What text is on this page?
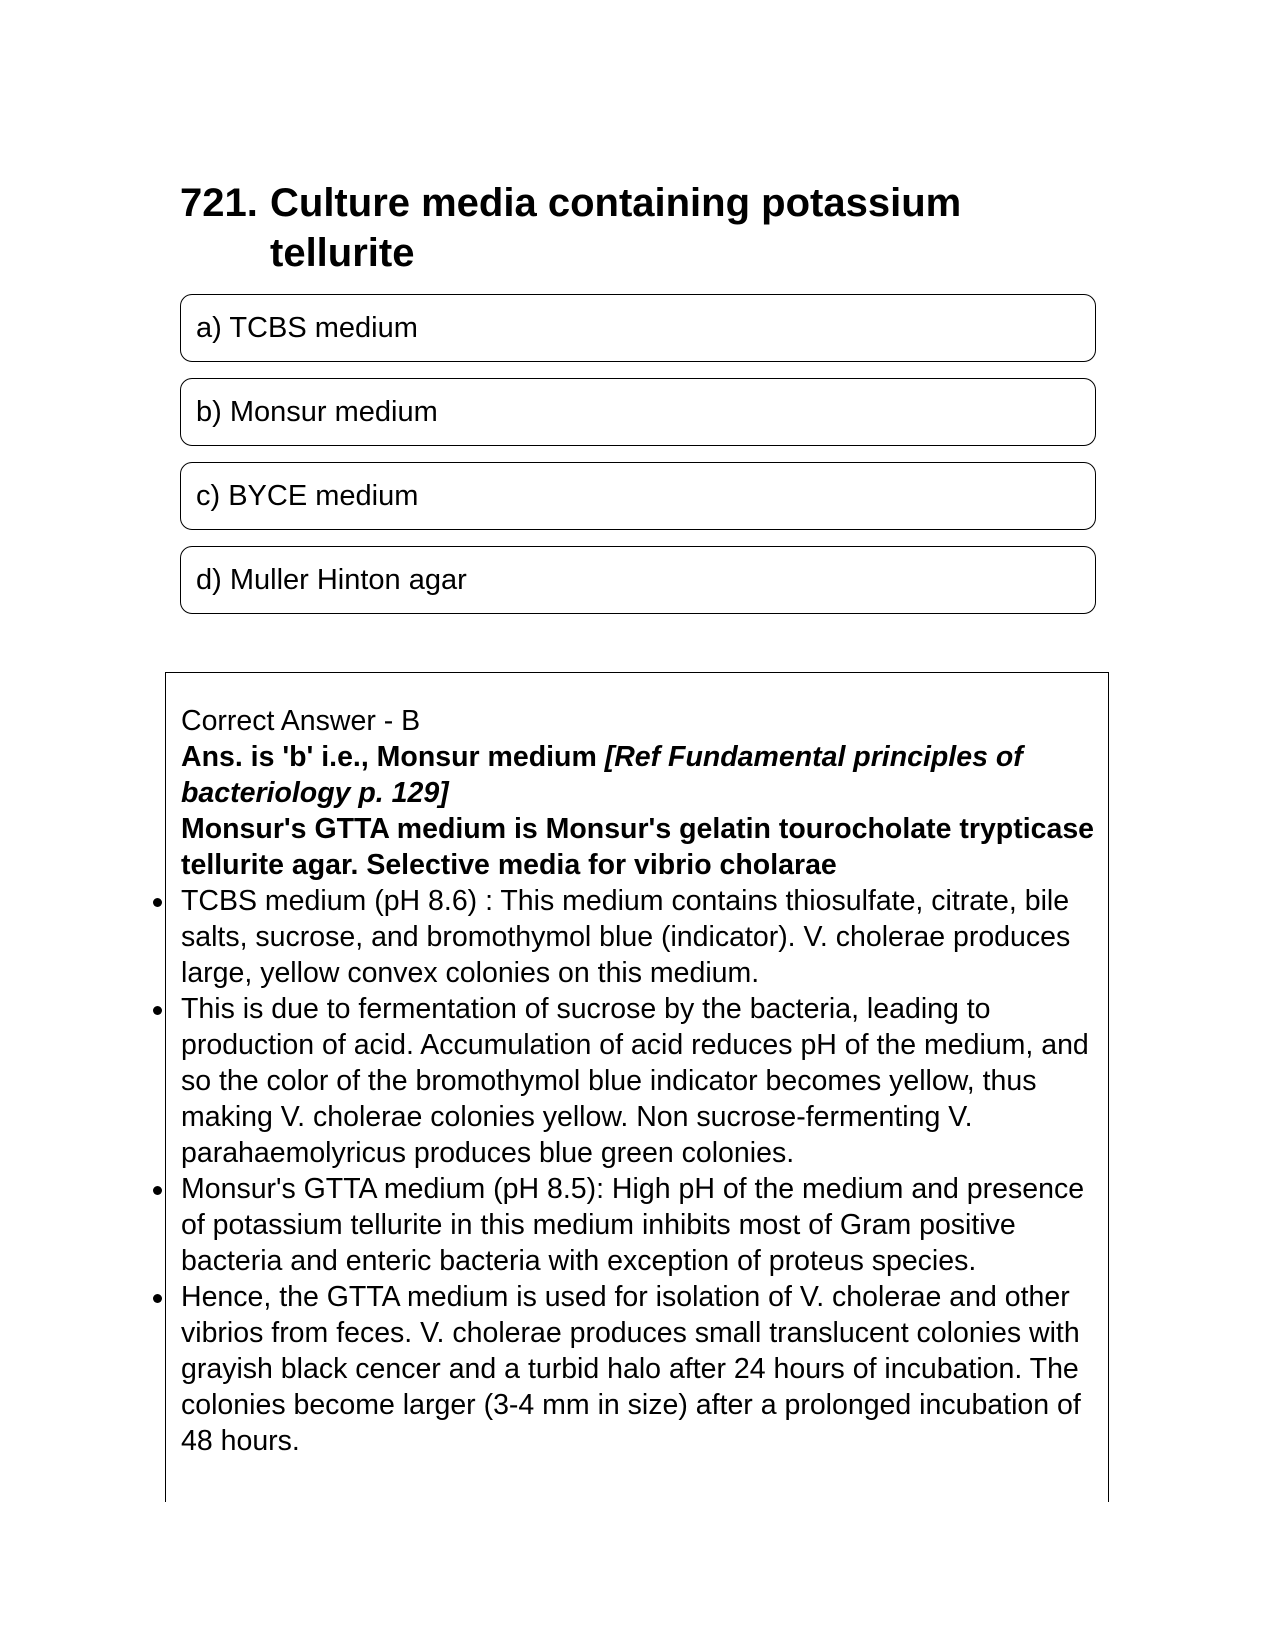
721. Culture media containing potassium tellurite
a) TCBS medium
b) Monsur medium
c) BYCE medium
d) Muller Hinton agar

Correct Answer - B

Ans. is 'b' i.e., Monsur medium [Ref Fundamental principles of bacteriology p. 129]

Monsur's GTTA medium is Monsur's gelatin tourocholate trypticase tellurite agar. Selective media for vibrio cholarae

TCBS medium (pH 8.6) : This medium contains thiosulfate, citrate, bile salts, sucrose, and bromothymol blue (indicator). V. cholerae produces large, yellow convex colonies on this medium.
This is due to fermentation of sucrose by the bacteria, leading to production of acid. Accumulation of acid reduces pH of the medium, and so the color of the bromothymol blue indicator becomes yellow, thus making V. cholerae colonies yellow. Non sucrose-fermenting V. parahaemolyricus produces blue green colonies.
Monsur's GTTA medium (pH 8.5): High pH of the medium and presence of potassium tellurite in this medium inhibits most of Gram positive bacteria and enteric bacteria with exception of proteus species.
Hence, the GTTA medium is used for isolation of V. cholerae and other vibrios from feces. V. cholerae produces small translucent colonies with grayish black cencer and a turbid halo after 24 hours of incubation. The colonies become larger (3-4 mm in size) after a prolonged incubation of 48 hours.
